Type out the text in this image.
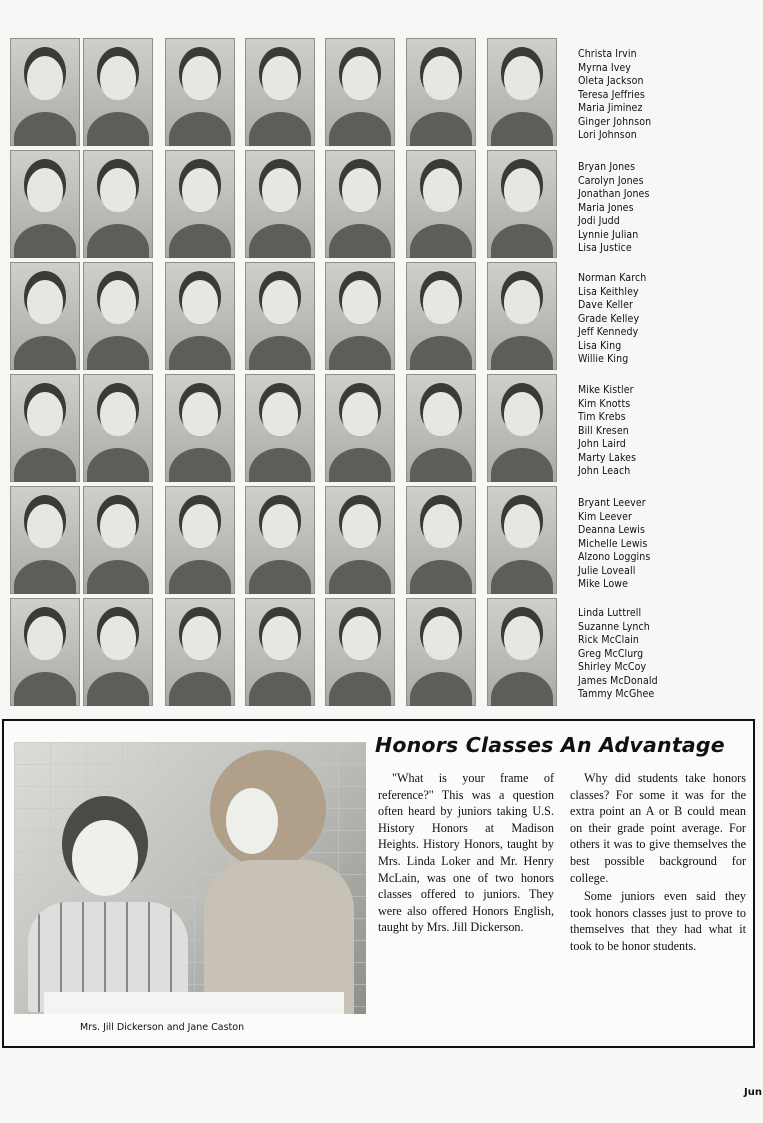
Christa Irvin
Myrna Ivey
Oleta Jackson
Teresa Jeffries
Maria Jiminez
Ginger Johnson
Lori Johnson
Bryan Jones
Carolyn Jones
Jonathan Jones
Maria Jones
Jodi Judd
Lynnie Julian
Lisa Justice
Norman Karch
Lisa Keithley
Dave Keller
Grade Kelley
Jeff Kennedy
Lisa King
Willie King
Mike Kistler
Kim Knotts
Tim Krebs
Bill Kresen
John Laird
Marty Lakes
John Leach
Bryant Leever
Kim Leever
Deanna Lewis
Michelle Lewis
Alzono Loggins
Julie Loveall
Mike Lowe
Linda Luttrell
Suzanne Lynch
Rick McClain
Greg McClurg
Shirley McCoy
James McDonald
Tammy McGhee
Mrs. Jill Dickerson and Jane Caston
Honors Classes An Advantage

"What is your frame of reference?" This was a question often heard by juniors taking U.S. History Honors at Madison Heights. History Honors, taught by Mrs. Linda Loker and Mr. Henry McLain, was one of two honors classes offered to juniors. They were also offered Honors English, taught by Mrs. Jill Dickerson.

Why did students take honors classes? For some it was for the extra point an A or B could mean on their grade point average. For others it was to give themselves the best possible background for college.

Some juniors even said they took honors classes just to prove to themselves that they had what it took to be honor students.

Jun
